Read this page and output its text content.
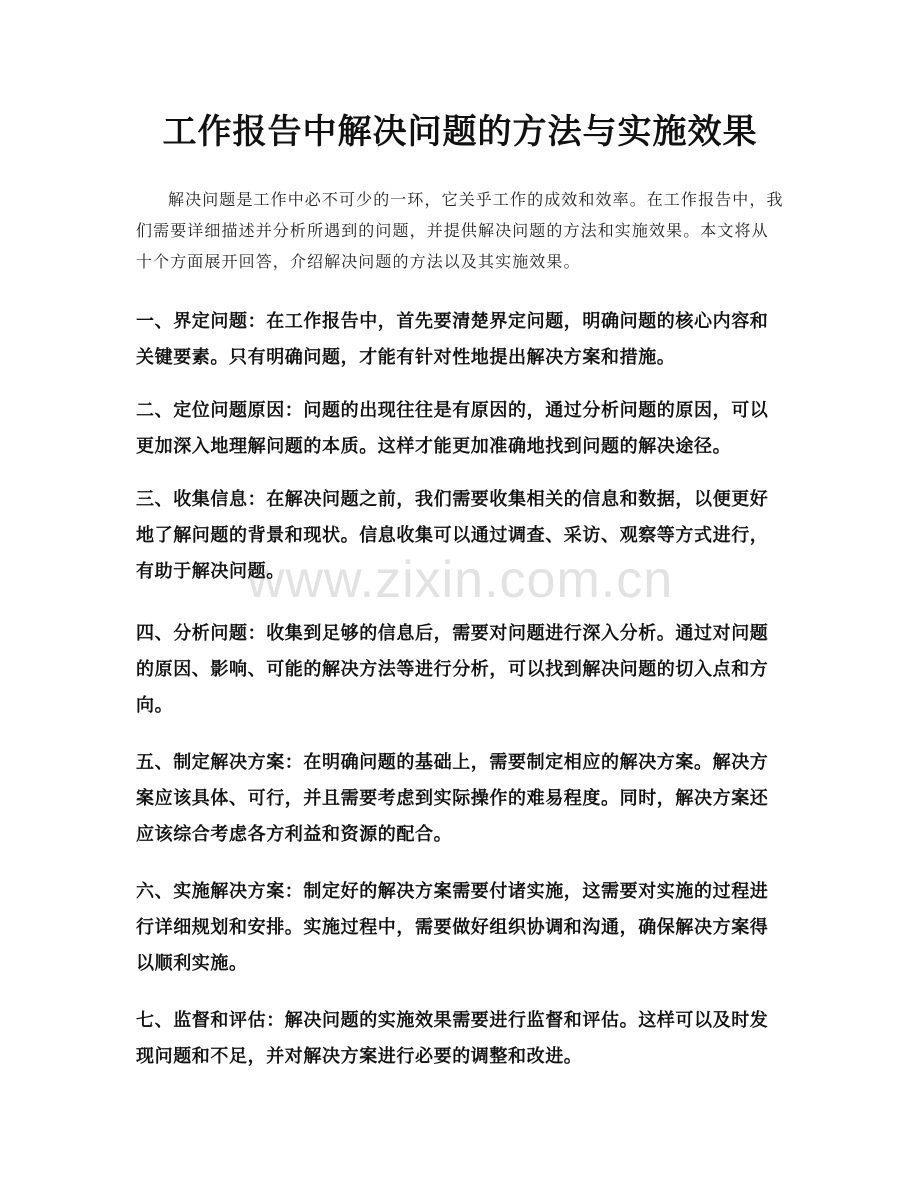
www.zixin.com.cn
工作报告中解决问题的方法与实施效果

解决问题是工作中必不可少的一环，它关乎工作的成效和效率。在工作报告中，我们需要详细描述并分析所遇到的问题，并提供解决问题的方法和实施效果。本文将从十个方面展开回答，介绍解决问题的方法以及其实施效果。

一、界定问题：在工作报告中，首先要清楚界定问题，明确问题的核心内容和关键要素。只有明确问题，才能有针对性地提出解决方案和措施。

二、定位问题原因：问题的出现往往是有原因的，通过分析问题的原因，可以更加深入地理解问题的本质。这样才能更加准确地找到问题的解决途径。

三、收集信息：在解决问题之前，我们需要收集相关的信息和数据，以便更好地了解问题的背景和现状。信息收集可以通过调查、采访、观察等方式进行，有助于解决问题。

四、分析问题：收集到足够的信息后，需要对问题进行深入分析。通过对问题的原因、影响、可能的解决方法等进行分析，可以找到解决问题的切入点和方向。

五、制定解决方案：在明确问题的基础上，需要制定相应的解决方案。解决方案应该具体、可行，并且需要考虑到实际操作的难易程度。同时，解决方案还应该综合考虑各方利益和资源的配合。

六、实施解决方案：制定好的解决方案需要付诸实施，这需要对实施的过程进行详细规划和安排。实施过程中，需要做好组织协调和沟通，确保解决方案得以顺利实施。

七、监督和评估：解决问题的实施效果需要进行监督和评估。这样可以及时发现问题和不足，并对解决方案进行必要的调整和改进。
